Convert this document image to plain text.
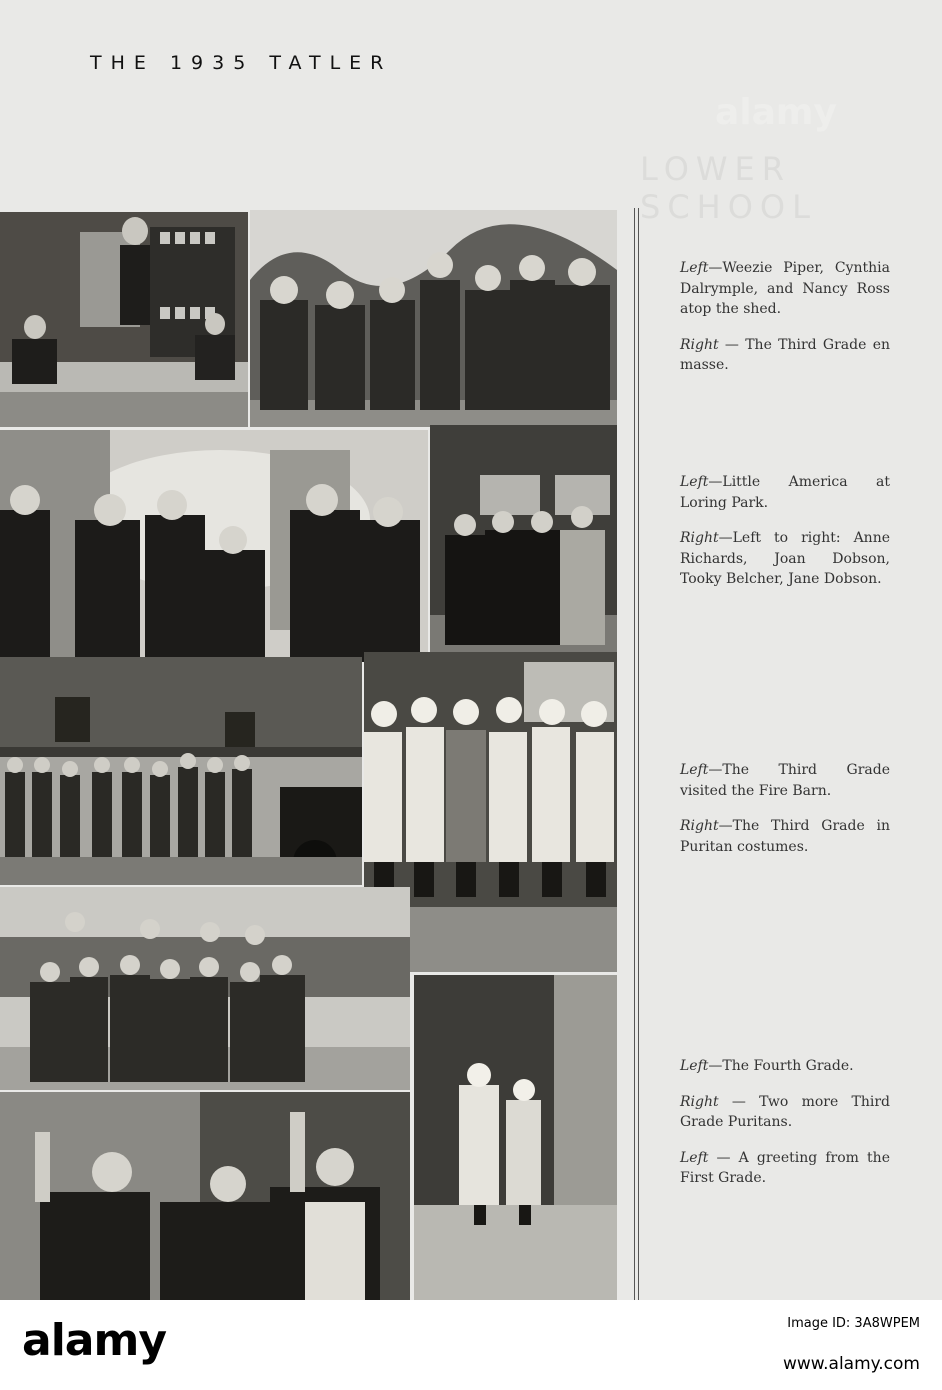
THE 1935 TATLER
LOWER SCHOOL

Left—Weezie Piper, Cynthia Dalrymple, and Nancy Ross atop the shed.

Right — The Third Grade en masse.

Left—Little America at Loring Park.

Right—Left to right: Anne Richards, Joan Dobson, Tooky Belcher, Jane Dobson.

Left—The Third Grade visited the Fire Barn.

Right—The Third Grade in Puritan costumes.

Left—The Fourth Grade.

Right — Two more Third Grade Puritans.

Left — A greeting from the First Grade.

alamy
alamy	Image ID: 3A8WPEM
www.alamy.com
